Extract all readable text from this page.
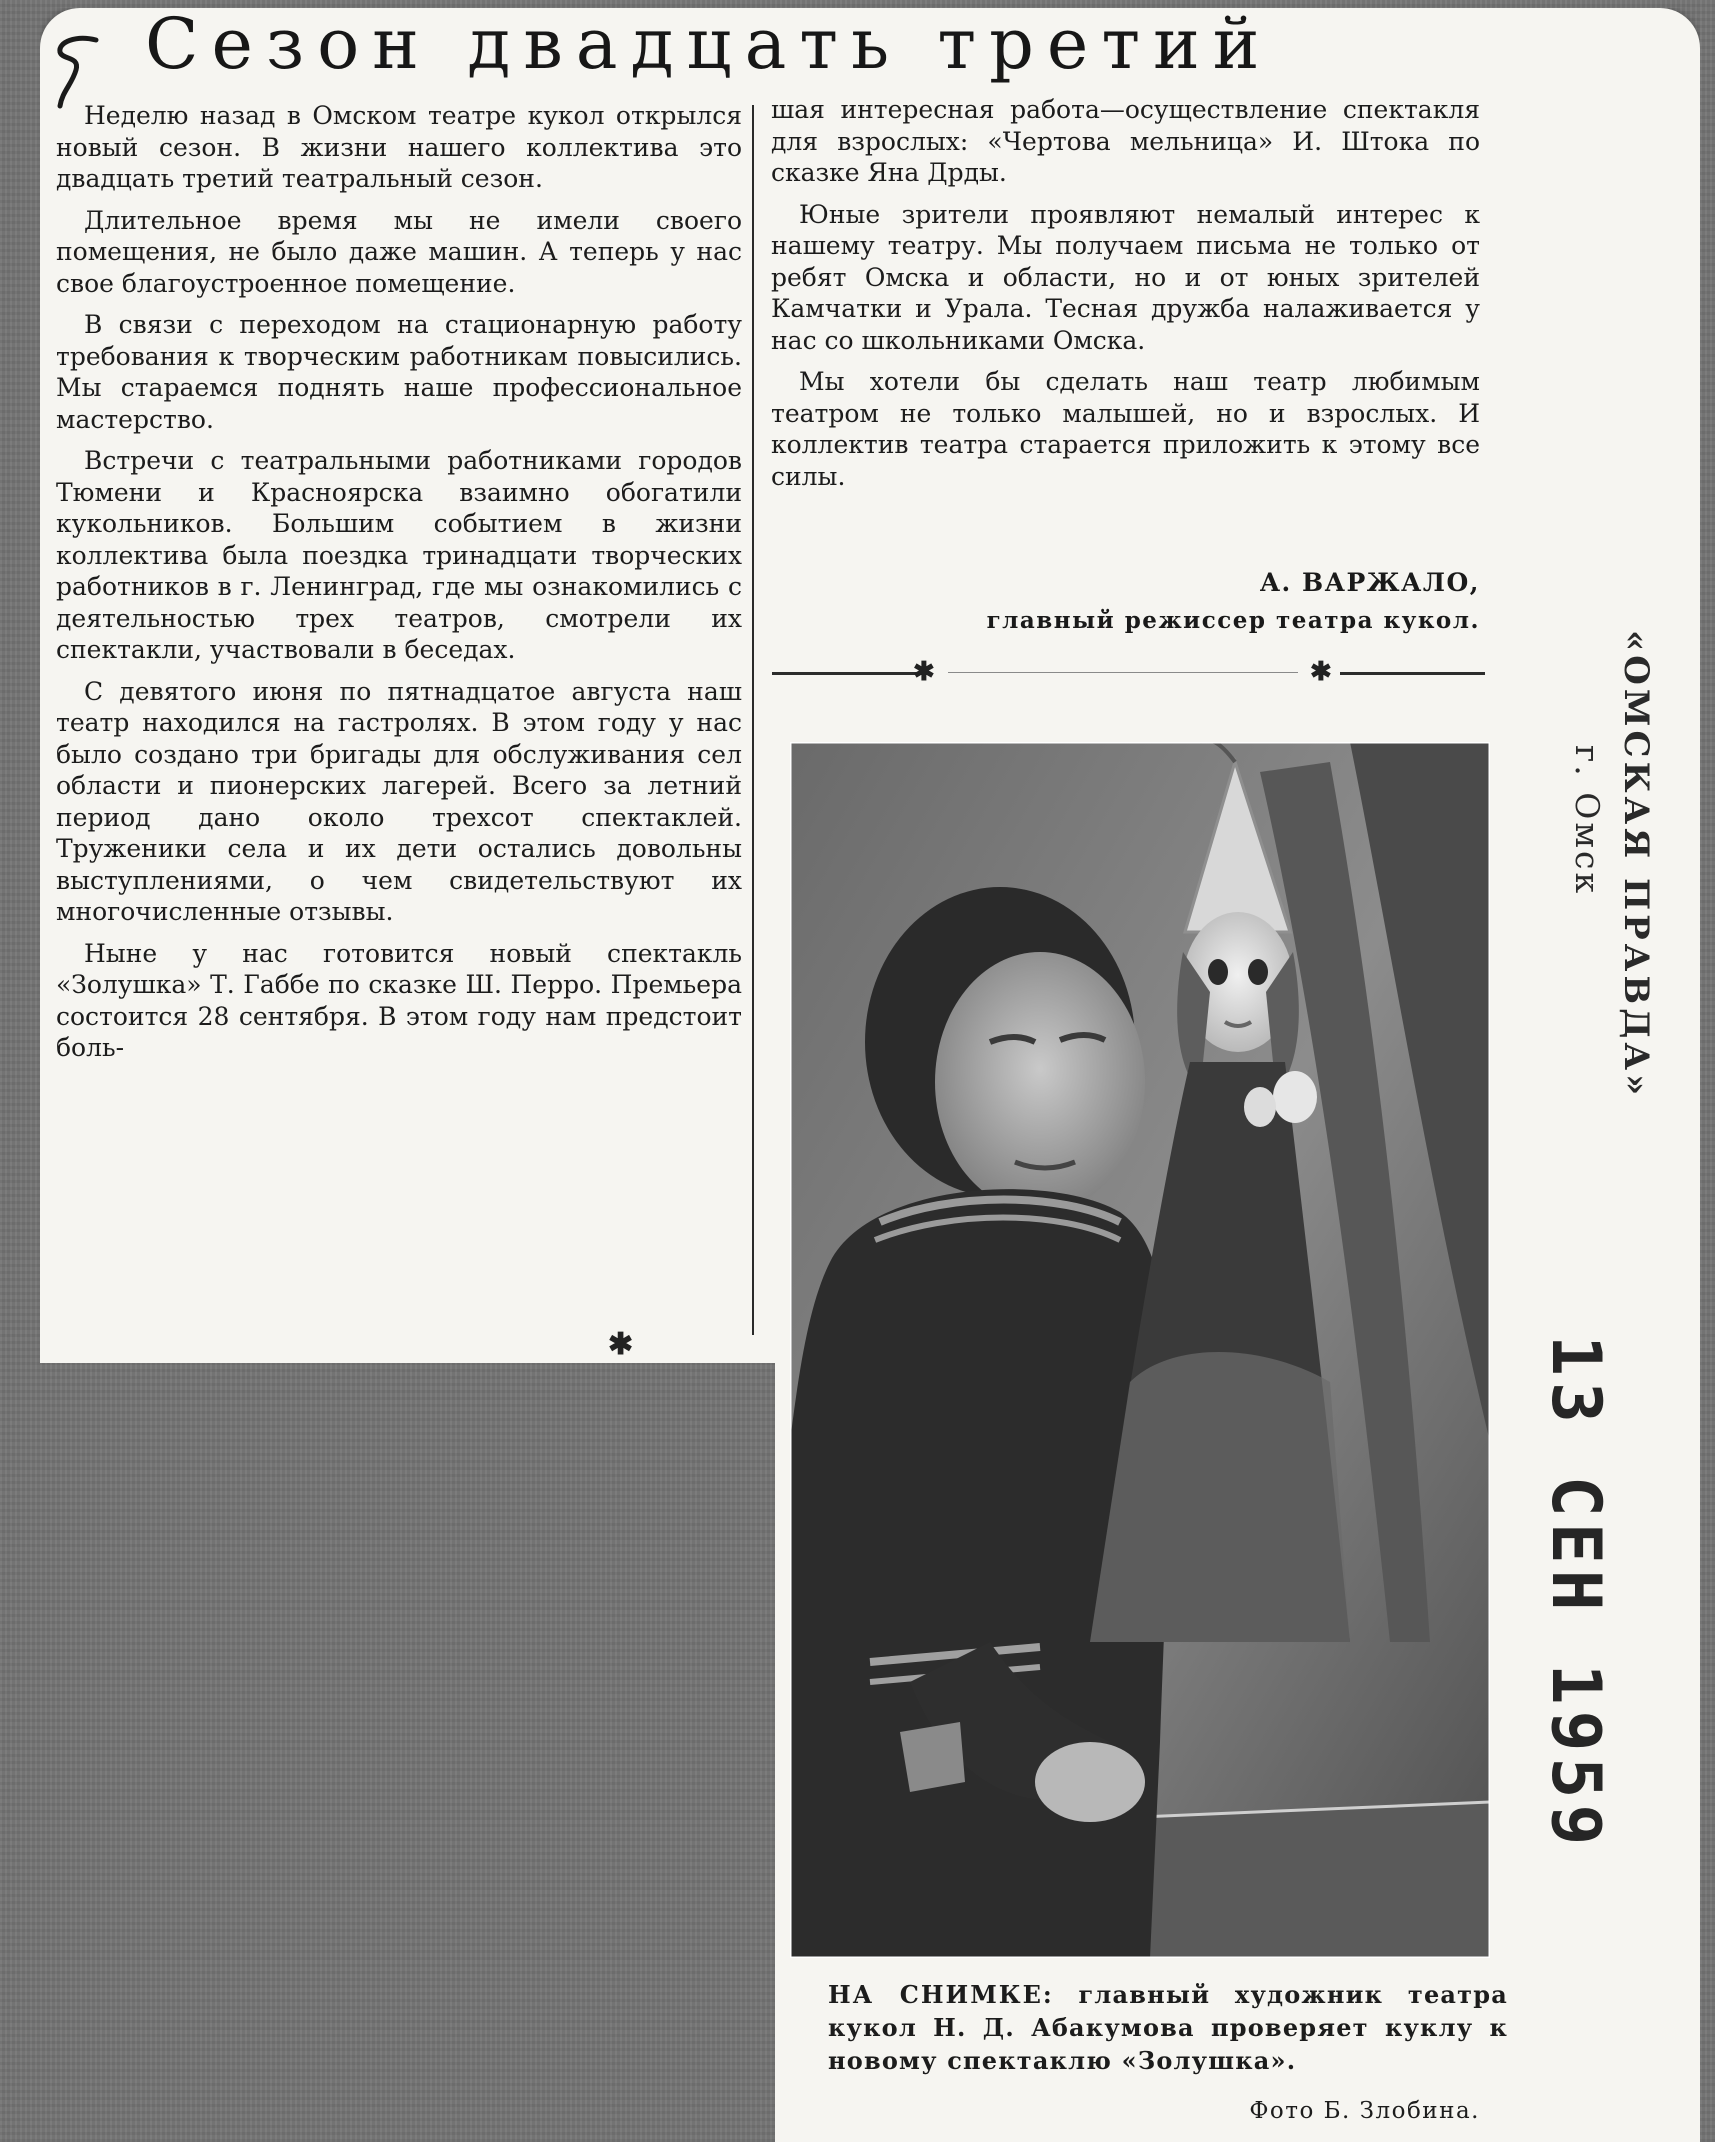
Сезон двадцать третий

Неделю назад в Омском театре кукол открылся новый сезон. В жизни нашего коллектива это двадцать третий театральный сезон.

Длительное время мы не имели своего помещения, не было даже машин. А теперь у нас свое благоустроенное помещение.

В связи с переходом на стационарную работу требования к творческим работникам повысились. Мы стараемся поднять наше профессиональное мастерство.

Встречи с театральными работниками городов Тюмени и Красноярска взаимно обогатили кукольников. Большим событием в жизни коллектива была поездка тринадцати творческих работников в г. Ленинград, где мы ознакомились с деятельностью трех театров, смотрели их спектакли, участвовали в беседах.

С девятого июня по пятнадцатое августа наш театр находился на гастролях. В этом году у нас было создано три бригады для обслуживания сел области и пионерских лагерей. Всего за летний период дано около трехсот спектаклей. Труженики села и их дети остались довольны выступлениями, о чем свидетельствуют их многочисленные отзывы.

Ныне у нас готовится новый спектакль «Золушка» Т. Габбе по сказке Ш. Перро. Премьера состоится 28 сентября. В этом году нам предстоит боль-

✱

шая интересная работа—осуществление спектакля для взрослых: «Чертова мельница» И. Штока по сказке Яна Дрды.

Юные зрители проявляют немалый интерес к нашему театру. Мы получаем письма не только от ребят Омска и области, но и от юных зрителей Камчатки и Урала. Тесная дружба налаживается у нас со школьниками Омска.

Мы хотели бы сделать наш театр любимым театром не только малышей, но и взрослых. И коллектив театра старается приложить к этому все силы.

А. ВАРЖАЛО,
главный режиссер театра кукол.
✱	✱
НА СНИМКЕ: главный художник театра кукол Н. Д. Абакумова проверяет куклу к новому спектаклю «Золушка».
Фото Б. Злобина.
«ОМСКАЯ ПРАВДА»
г. Омск
13 СЕН 1959
